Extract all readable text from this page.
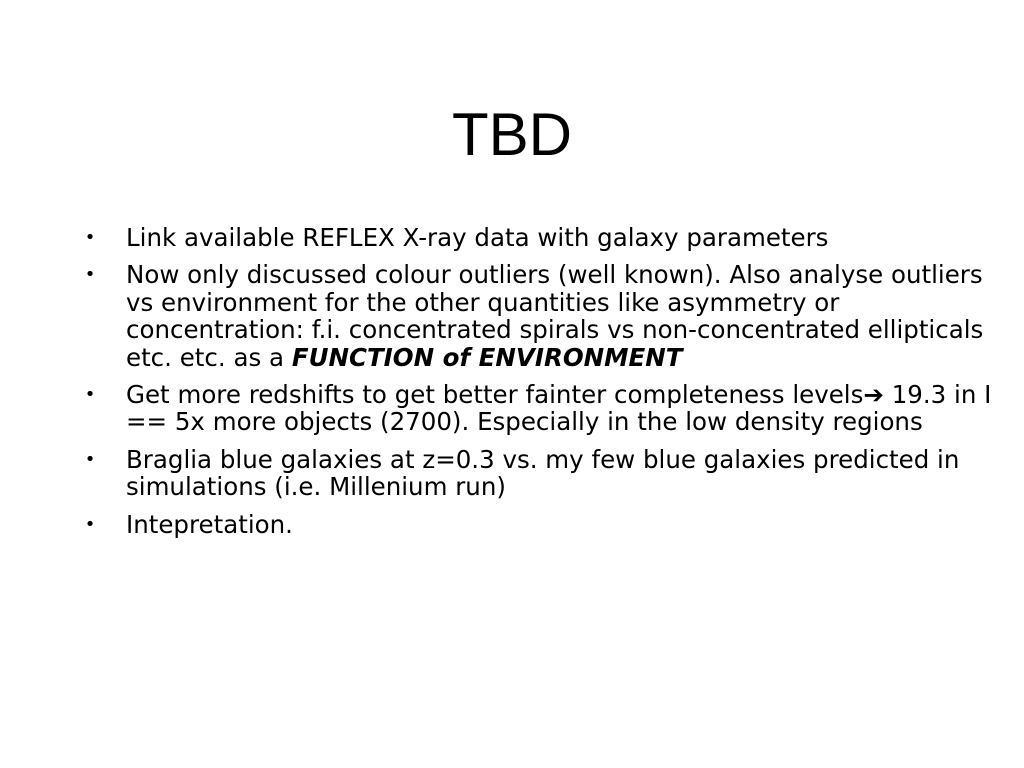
TBD
• Link available REFLEX X-ray data with galaxy parameters
• Now only discussed colour outliers (well known). Also analyse outliers vs environment for the other quantities like asymmetry or concentration: f.i. concentrated spirals vs non-concentrated ellipticals etc. etc. as a FUNCTION of ENVIRONMENT
• Get more redshifts to get better fainter completeness levels➔ 19.3 in I == 5x more objects (2700). Especially in the low density regions
• Braglia blue galaxies at z=0.3 vs. my few blue galaxies predicted in simulations (i.e. Millenium run)
• Intepretation.
